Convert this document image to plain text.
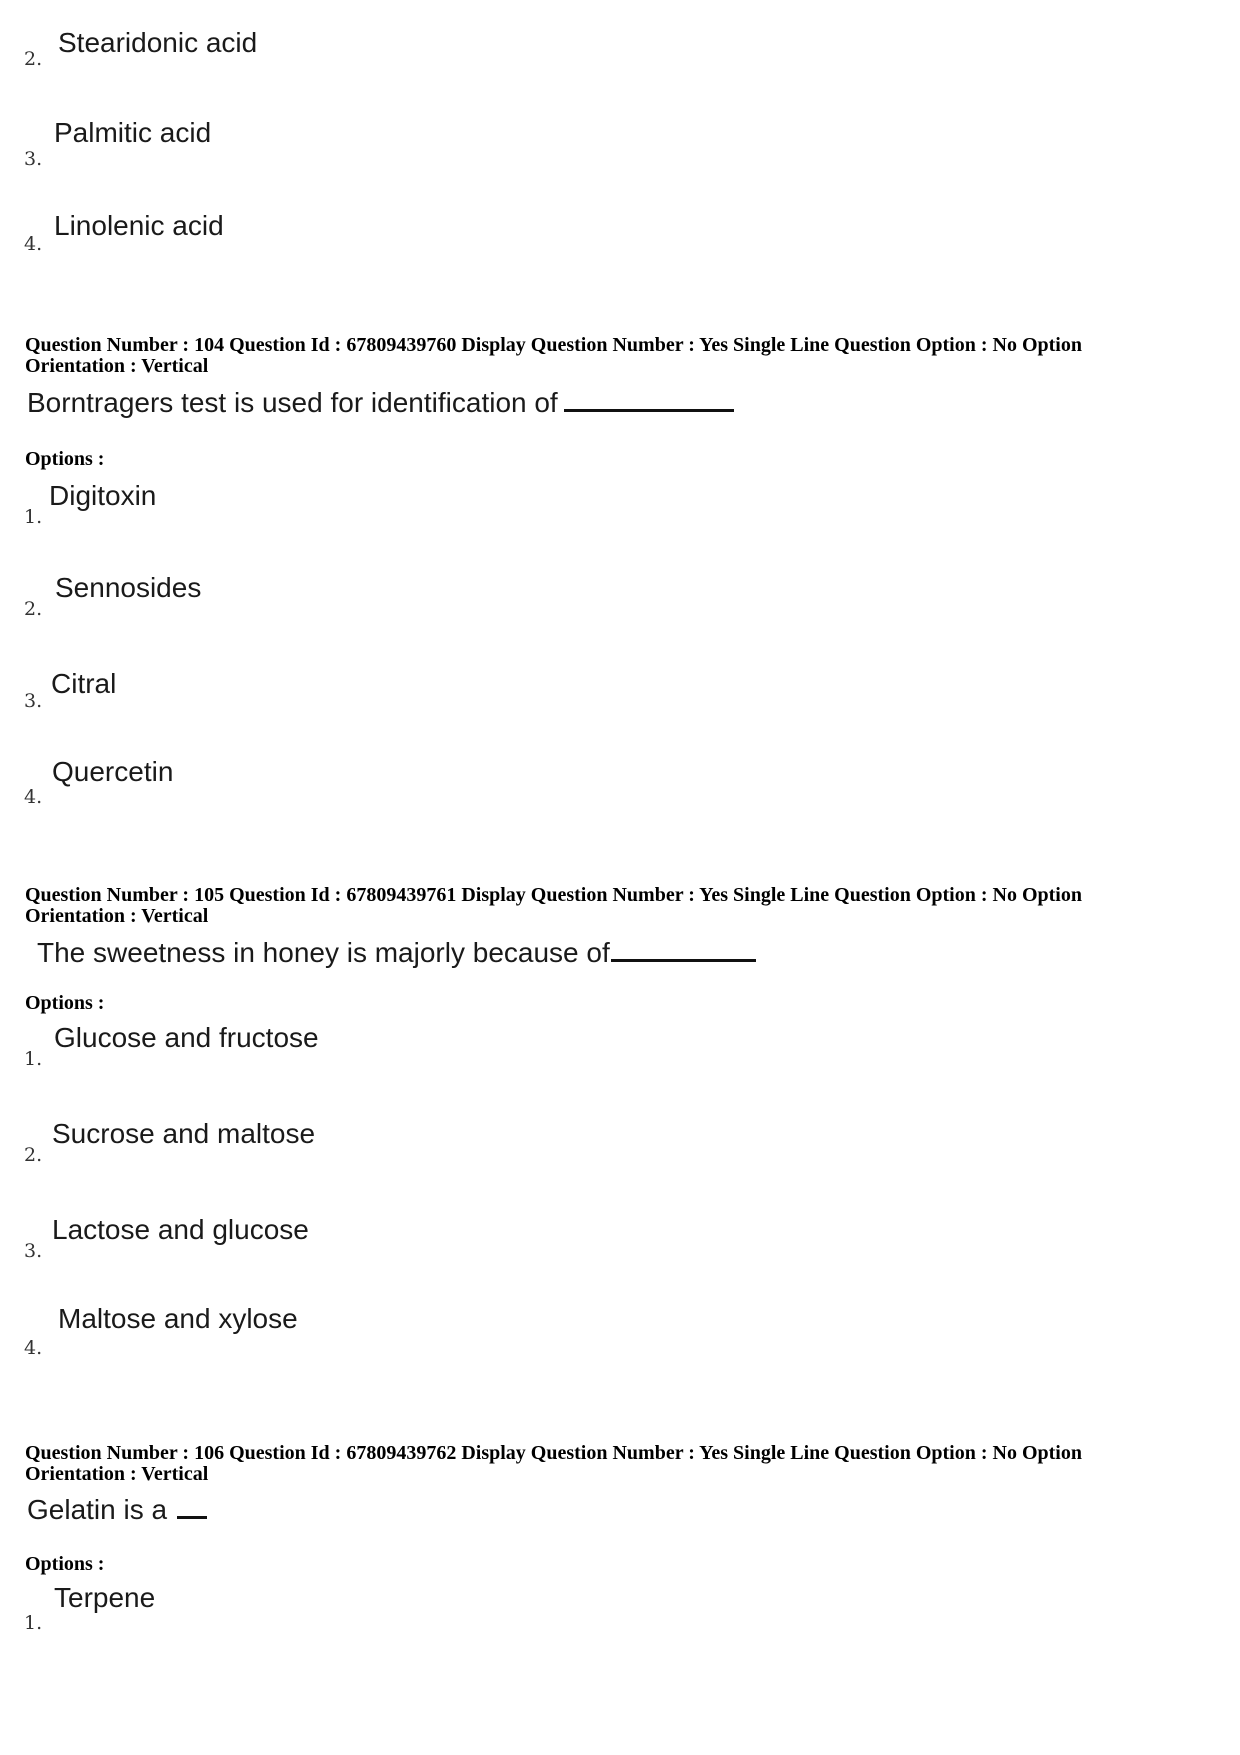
2.
Stearidonic acid
3.
Palmitic acid
4.
Linolenic acid
Question Number : 104 Question Id : 67809439760 Display Question Number : Yes Single Line Question Option : No Option
Orientation : Vertical
Borntragers test is used for identification of
Options :
1.
Digitoxin
2.
Sennosides
3.
Citral
4.
Quercetin
Question Number : 105 Question Id : 67809439761 Display Question Number : Yes Single Line Question Option : No Option
Orientation : Vertical
The sweetness in honey is majorly because of
Options :
1.
Glucose and fructose
2.
Sucrose and maltose
3.
Lactose and glucose
4.
Maltose and xylose
Question Number : 106 Question Id : 67809439762 Display Question Number : Yes Single Line Question Option : No Option
Orientation : Vertical
Gelatin is a
Options :
1.
Terpene
